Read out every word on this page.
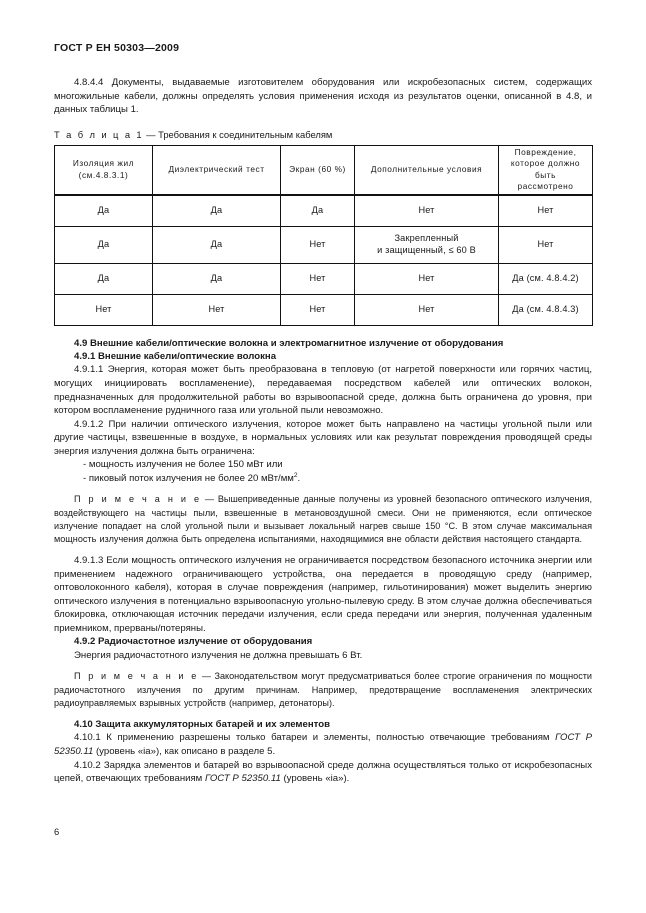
ГОСТ Р ЕН 50303—2009

4.8.4.4 Документы, выдаваемые изготовителем оборудования или искробезопасных систем, содержащих многожильные кабели, должны определять условия применения исходя из результатов оценки, описанной в 4.8, и данных таблицы 1.

Т а б л и ц а 1 — Требования к соединительным кабелям

Изоляция жил
(см.4.8.3.1)	Диэлектрический тест	Экран (60 %)	Дополнительные условия	Повреждение,
которое должно быть
рассмотрено
Да	Да	Да	Нет	Нет
Да	Да	Нет	Закрепленный
и защищенный, ≤ 60 В	Нет
Да	Да	Нет	Нет	Да (см. 4.8.4.2)
Нет	Нет	Нет	Нет	Да (см. 4.8.4.3)
4.9 Внешние кабели/оптические волокна и электромагнитное излучение от оборудования
4.9.1 Внешние кабели/оптические волокна

4.9.1.1 Энергия, которая может быть преобразована в тепловую (от нагретой поверхности или горячих частиц, могущих инициировать воспламенение), передаваемая посредством кабелей или оптических волокон, предназначенных для продолжительной работы во взрывоопасной среде, должна быть ограничена до уровня, при котором воспламенение рудничного газа или угольной пыли невозможно.

4.9.1.2 При наличии оптического излучения, которое может быть направлено на частицы угольной пыли или другие частицы, взвешенные в воздухе, в нормальных условиях или как результат повреждения проводящей среды энергия излучения должна быть ограничена:

- мощность излучения не более 150 мВт или

- пиковый поток излучения не более 20 мВт/$мм^2$.

П р и м е ч а н и е — Вышеприведенные данные получены из уровней безопасного оптического излучения, воздействующего на частицы пыли, взвешенные в метановоздушной смеси. Они не применяются, если оптическое излучение попадает на слой угольной пыли и вызывает локальный нагрев свыше 150 °С. В этом случае максимальная мощность излучения должна быть определена испытаниями, находящимися вне области действия настоящего стандарта.

4.9.1.3 Если мощность оптического излучения не ограничивается посредством безопасного источника энергии или применением надежного ограничивающего устройства, она передается в проводящую среду (например, оптоволоконного кабеля), которая в случае повреждения (например, гильотинирования) может выделить энергию оптического излучения в потенциально взрывоопасную угольно-пылевую среду. В этом случае должна обеспечиваться блокировка, отключающая источник передачи излучения, если среда передачи или энергия, полученная удаленным приемником, прерваны/потеряны.

4.9.2 Радиочастотное излучение от оборудования

Энергия радиочастотного излучения не должна превышать 6 Вт.

П р и м е ч а н и е — Законодательством могут предусматриваться более строгие ограничения по мощности радиочастотного излучения по другим причинам. Например, предотвращение воспламенения электрических радиоуправляемых взрывных устройств (например, детонаторы).

4.10 Защита аккумуляторных батарей и их элементов

4.10.1 К применению разрешены только батареи и элементы, полностью отвечающие требованиям ГОСТ Р 52350.11 (уровень «ia»), как описано в разделе 5.

4.10.2 Зарядка элементов и батарей во взрывоопасной среде должна осуществляться только от искробезопасных цепей, отвечающих требованиям ГОСТ Р 52350.11 (уровень «ia»).

6
